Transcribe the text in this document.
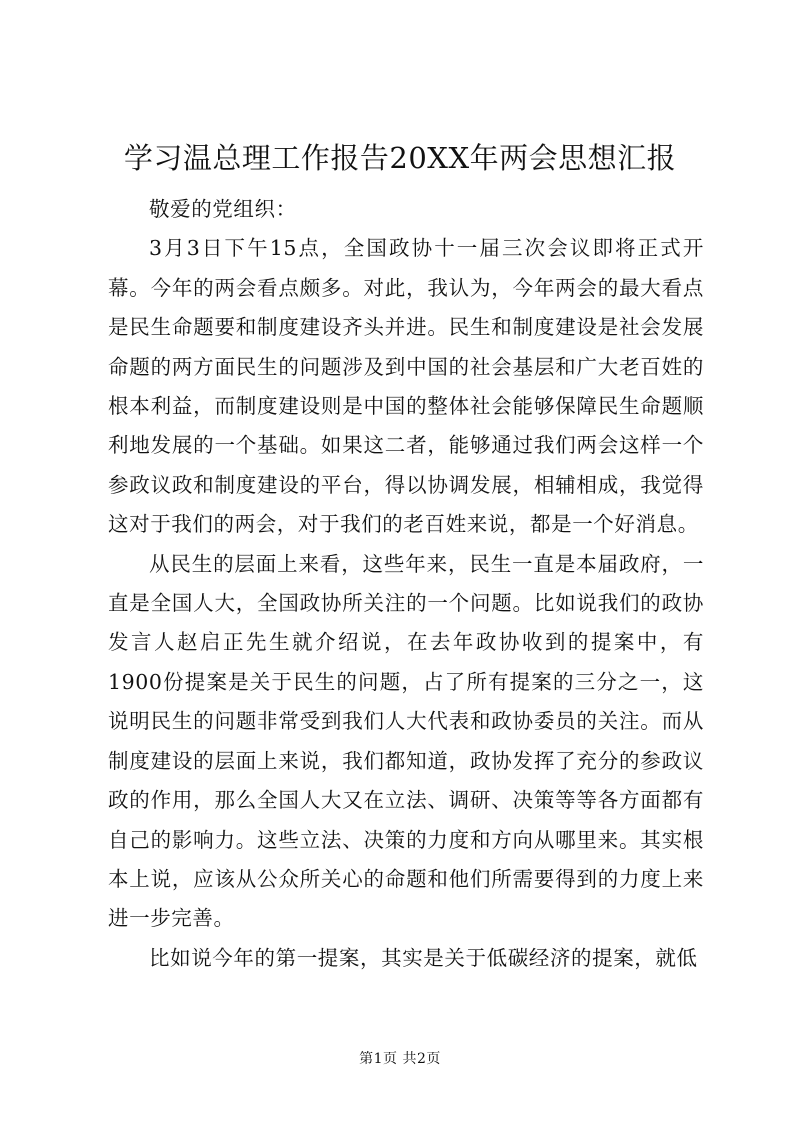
学习温总理工作报告20XX年两会思想汇报

敬爱的党组织：

3月3日下午15点，全国政协十一届三次会议即将正式开幕。今年的两会看点颇多。对此，我认为，今年两会的最大看点是民生命题要和制度建设齐头并进。民生和制度建设是社会发展命题的两方面民生的问题涉及到中国的社会基层和广大老百姓的根本利益，而制度建设则是中国的整体社会能够保障民生命题顺利地发展的一个基础。如果这二者，能够通过我们两会这样一个参政议政和制度建设的平台，得以协调发展，相辅相成，我觉得这对于我们的两会，对于我们的老百姓来说，都是一个好消息。

从民生的层面上来看，这些年来，民生一直是本届政府，一直是全国人大，全国政协所关注的一个问题。比如说我们的政协发言人赵启正先生就介绍说，在去年政协收到的提案中，有1900份提案是关于民生的问题，占了所有提案的三分之一，这说明民生的问题非常受到我们人大代表和政协委员的关注。而从制度建设的层面上来说，我们都知道，政协发挥了充分的参政议政的作用，那么全国人大又在立法、调研、决策等等各方面都有自己的影响力。这些立法、决策的力度和方向从哪里来。其实根本上说，应该从公众所关心的命题和他们所需要得到的力度上来进一步完善。

比如说今年的第一提案，其实是关于低碳经济的提案，就低

第1页 共2页
